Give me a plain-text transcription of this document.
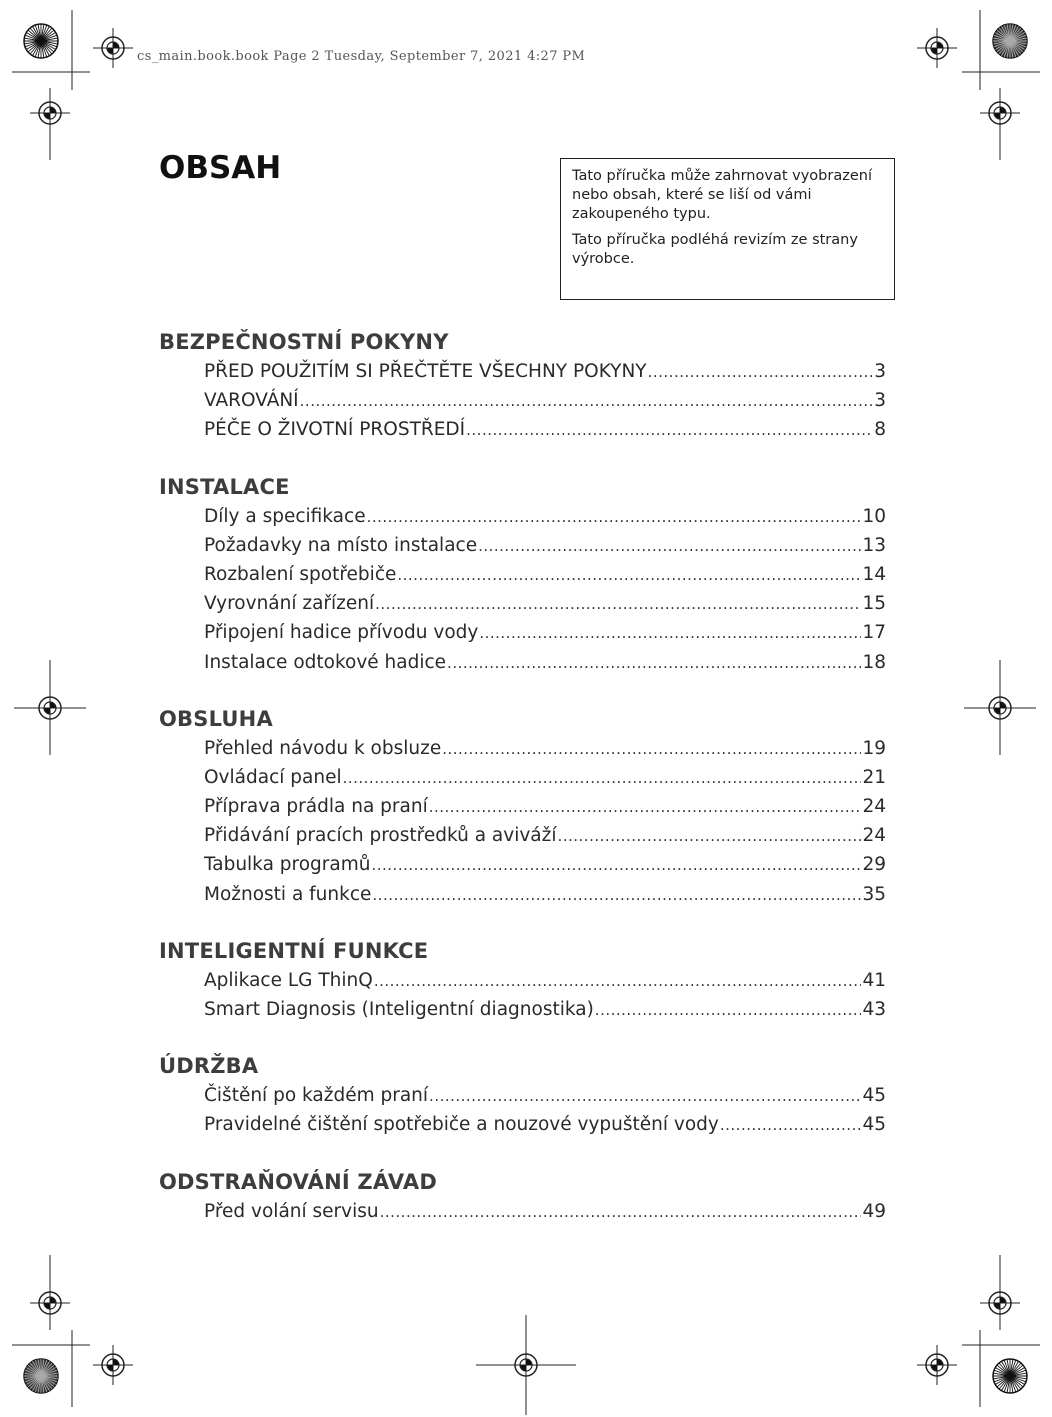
cs_main.book.book Page 2 Tuesday, September 7, 2021 4:27 PM
OBSAH	Tato příručka může zahrnovat vyobrazení nebo obsah, které se liší od vámi zakoupeného typu.

Tato příručka podléhá revizím ze strany výrobce.

BEZPEČNOSTNÍ POKYNY
PŘED POUŽITÍM SI PŘEČTĚTE VŠECHNY POKYNY .....	3
VAROVÁNÍ .....	3
PÉČE O ŽIVOTNÍ PROSTŘEDÍ .....	8
INSTALACE
Díly a specifikace .....	10
Požadavky na místo instalace .....	13
Rozbalení spotřebiče .....	14
Vyrovnání zařízení .....	15
Připojení hadice přívodu vody .....	17
Instalace odtokové hadice .....	18
OBSLUHA
Přehled návodu k obsluze .....	19
Ovládací panel .....	21
Příprava prádla na praní .....	24
Přidávání pracích prostředků a aviváží .....	24
Tabulka programů .....	29
Možnosti a funkce .....	35
INTELIGENTNÍ FUNKCE
Aplikace LG ThinQ .....	41
Smart Diagnosis (Inteligentní diagnostika) .....	43
ÚDRŽBA
Čištění po každém praní .....	45
Pravidelné čištění spotřebiče a nouzové vypuštění vody .....	45
ODSTRAŇOVÁNÍ ZÁVAD
Před volání servisu .....	49
